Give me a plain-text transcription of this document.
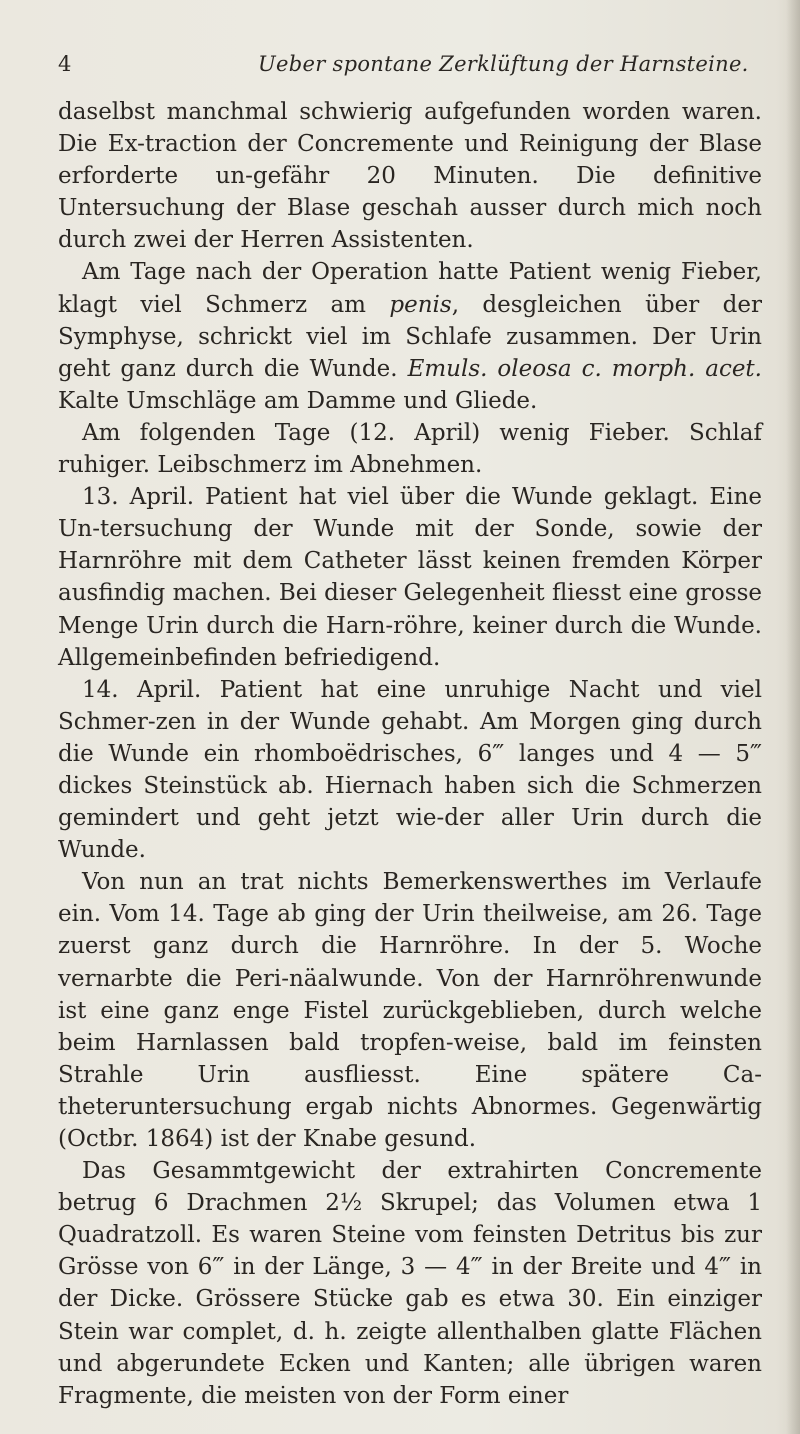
4	Ueber spontane Zerklüftung der Harnsteine.

daselbst manchmal schwierig aufgefunden worden waren. Die Ex-traction der Concremente und Reinigung der Blase erforderte un-gefähr 20 Minuten. Die definitive Untersuchung der Blase geschah ausser durch mich noch durch zwei der Herren Assistenten.

Am Tage nach der Operation hatte Patient wenig Fieber, klagt viel Schmerz am penis, desgleichen über der Symphyse, schrickt viel im Schlafe zusammen. Der Urin geht ganz durch die Wunde. Emuls. oleosa c. morph. acet. Kalte Umschläge am Damme und Gliede.

Am folgenden Tage (12. April) wenig Fieber. Schlaf ruhiger. Leibschmerz im Abnehmen.

13. April. Patient hat viel über die Wunde geklagt. Eine Un-tersuchung der Wunde mit der Sonde, sowie der Harnröhre mit dem Catheter lässt keinen fremden Körper ausfindig machen. Bei dieser Gelegenheit fliesst eine grosse Menge Urin durch die Harn-röhre, keiner durch die Wunde. Allgemeinbefinden befriedigend.

14. April. Patient hat eine unruhige Nacht und viel Schmer-zen in der Wunde gehabt. Am Morgen ging durch die Wunde ein rhomboëdrisches, 6‴ langes und 4 — 5‴ dickes Steinstück ab. Hiernach haben sich die Schmerzen gemindert und geht jetzt wie-der aller Urin durch die Wunde.

Von nun an trat nichts Bemerkenswerthes im Verlaufe ein. Vom 14. Tage ab ging der Urin theilweise, am 26. Tage zuerst ganz durch die Harnröhre. In der 5. Woche vernarbte die Peri-näalwunde. Von der Harnröhrenwunde ist eine ganz enge Fistel zurückgeblieben, durch welche beim Harnlassen bald tropfen-weise, bald im feinsten Strahle Urin ausfliesst. Eine spätere Ca-theteruntersuchung ergab nichts Abnormes. Gegenwärtig (Octbr. 1864) ist der Knabe gesund.

Das Gesammtgewicht der extrahirten Concremente betrug 6 Drachmen 2½ Skrupel; das Volumen etwa 1 Quadratzoll. Es waren Steine vom feinsten Detritus bis zur Grösse von 6‴ in der Länge, 3 — 4‴ in der Breite und 4‴ in der Dicke. Grössere Stücke gab es etwa 30. Ein einziger Stein war complet, d. h. zeigte allenthalben glatte Flächen und abgerundete Ecken und Kanten; alle übrigen waren Fragmente, die meisten von der Form einer
